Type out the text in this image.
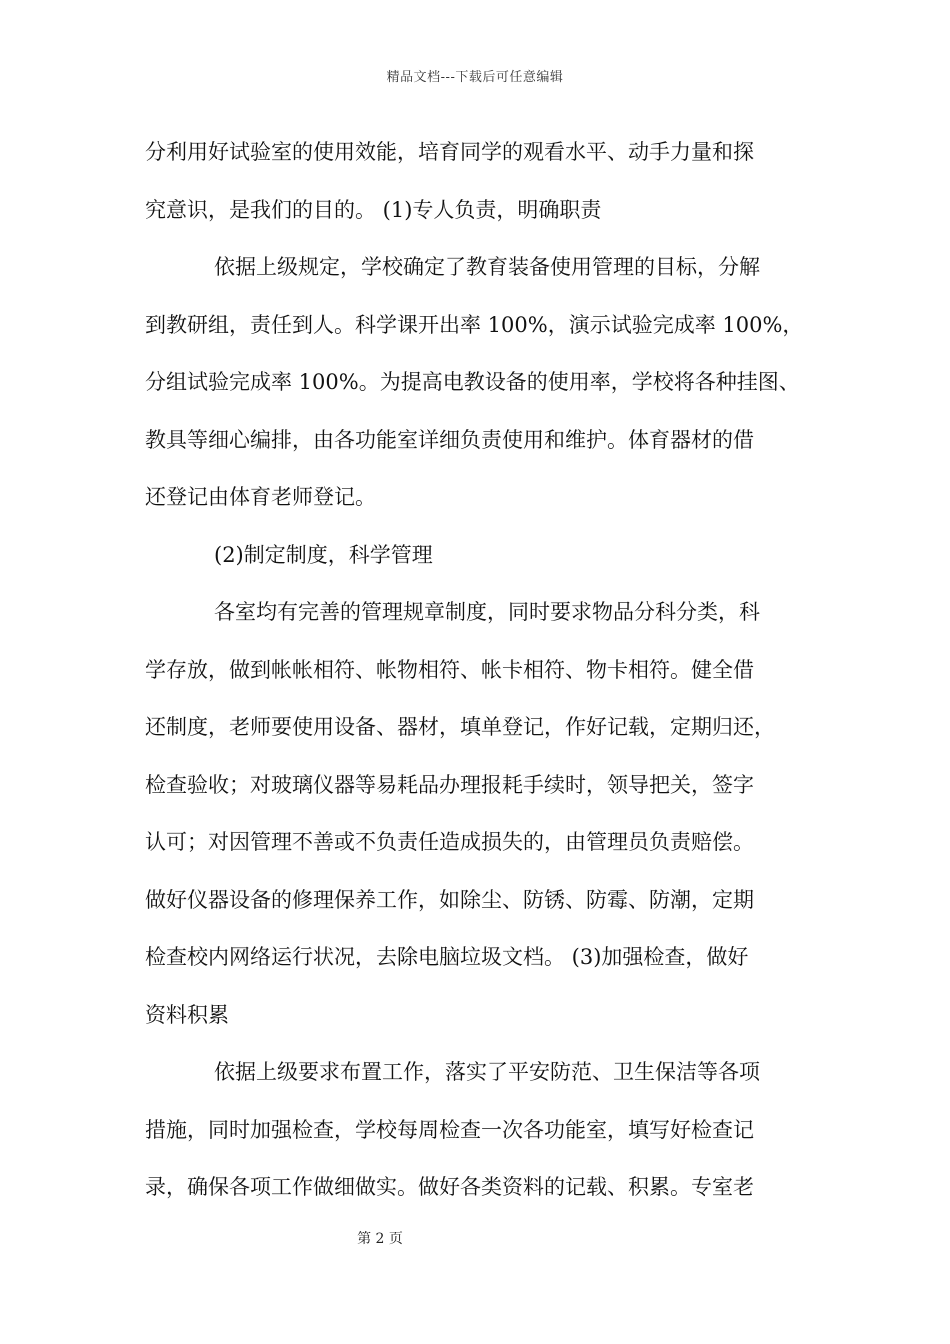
精品文档---下载后可任意编辑
分利用好试验室的使用效能，培育同学的观看水平、动手力量和探
究意识，是我们的目的。 (1)专人负责，明确职责
依据上级规定，学校确定了教育装备使用管理的目标，分解
到教研组，责任到人。科学课开出率 100%，演示试验完成率 100%，
分组试验完成率 100%。为提高电教设备的使用率，学校将各种挂图、
教具等细心编排，由各功能室详细负责使用和维护。体育器材的借
还登记由体育老师登记。
(2)制定制度，科学管理
各室均有完善的管理规章制度，同时要求物品分科分类，科
学存放，做到帐帐相符、帐物相符、帐卡相符、物卡相符。健全借
还制度，老师要使用设备、器材，填单登记，作好记载，定期归还，
检查验收；对玻璃仪器等易耗品办理报耗手续时，领导把关，签字
认可；对因管理不善或不负责任造成损失的，由管理员负责赔偿。
做好仪器设备的修理保养工作，如除尘、防锈、防霉、防潮，定期
检查校内网络运行状况，去除电脑垃圾文档。 (3)加强检查，做好
资料积累
依据上级要求布置工作，落实了平安防范、卫生保洁等各项
措施，同时加强检查，学校每周检查一次各功能室，填写好检查记
录，确保各项工作做细做实。做好各类资料的记载、积累。专室老
第 2 页
